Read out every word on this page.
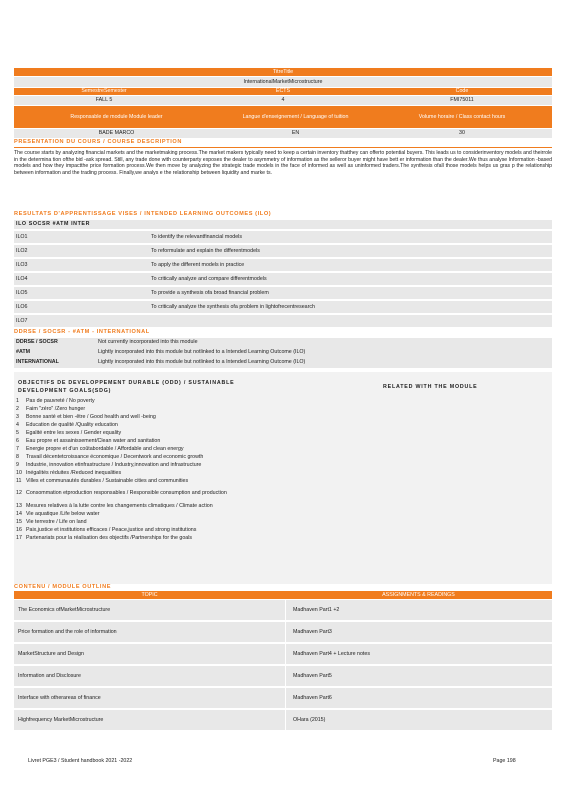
TitreTitle
InternationalMarketMicrostructure
SemestreSemester	ECTS	Code
FALL 5	4	FMI75011
Responsable de module Module leader	Langue d'enseignement / Language of tuition	Volume horaire / Class contact hours
BADE MARCO	EN	30
PRESENTATION DU COURS / COURSE DESCRIPTION
The course starts by analyzing financial markets and the marketmaking process.The market makers typically need to keep a certain inventory thatthey can offerto potential buyers. This leads us to considerinventory models and theirrole in the determina tion ofthe bid -ask spread. Still, any trade done with counterparty exposes the dealer to asymmetry of information as the selleror buyer might have bett er information than the dealer.We thus analyse Information -based models and how they impactthe price formation process.We then move by analyzing the strategic trade models in the face of informed as well as uninformed traders.The synthesis ofall those models helps us gras p the relationship between information and the trading process. Finally,we analys e the relationship between liquidity and marke ts.
RESULTATS D'APPRENTISSAGE VISES / INTENDED LEARNING OUTCOMES (ILO)
ILO SOCSR #ATM INTER
ILO1	To identify the relevantfinancial models
ILO2	To reformulate and explain the differentmodels
ILO3	To apply the different models in practice
ILO4	To critically analyze and compare differentmodels
ILO5	To provide a synthesis ofa broad financial problem
ILO6	To critically analyze the synthesis ofa problem in lightofrecentresearch
ILO7
DDRSE / SOCSR - #ATM - INTERNATIONAL
DDRSE / SOCSR	Not currently incorporated into this module
#ATM	Lightly incorporated into this module but notlinked to a Intended Learning Outcome (ILO)
INTERNATIONAL	Lightly incorporated into this module but notlinked to a Intended Learning Outcome (ILO)
OBJECTIFS DE DEVELOPPEMENT DURABLE (ODD) / SUSTAINABLE
DEVELOPMENT GOALS(SDG)
RELATED WITH THE MODULE
1	Pas de pauvreté / No poverty
2	Faim "zéro" /Zero hunger
3	Bonne santé et bien -être / Good health and well -being
4	Education de qualité /Quality education
5	Egalité entre les sexes / Gender equality
6	Eau propre et assainissement/Clean water and sanitation
7	Energie propre et d'un coûtabordable / Affordable and clean energy
8	Travail décentetcroissance économique / Decentwork and economic growth
9	Industrie, innovation etinfrastructure / Industry,innovation and infrastructure
10 Inégalités réduites /Reduced inequalities
11 Villes et communautés durables / Sustainable cities and communities
12 Consommation etproduction responsables / Responsible consumption and production
13 Mesures relatives à la lutte contre les changements climatiques / Climate action
14 Vie aquatique /Life below water
15 Vie terrestre / Life on land
16 Paix,justice et institutions efficaces / Peace,justice and strong institutions
17 Partenariats pour la réalisation des objectifs /Partnerships for the goals
CONTENU / MODULE OUTLINE
TOPIC	ASSIGNMENTS & READINGS
The Economics ofMarketMicrostructure	Madhaven Part1 +2
Price formation and the role of information	Madhaven Part3
MarketStructure and Design	Madhaven Part4 + Lecture notes
Information and Disclosure	Madhaven Part5
Interface with otherareas of finance	Madhaven Part6
Highfrequency MarketMicrostructure	OHara (2015)
Livret PGE3 / Student handbook 2021 -2022	Page 198
